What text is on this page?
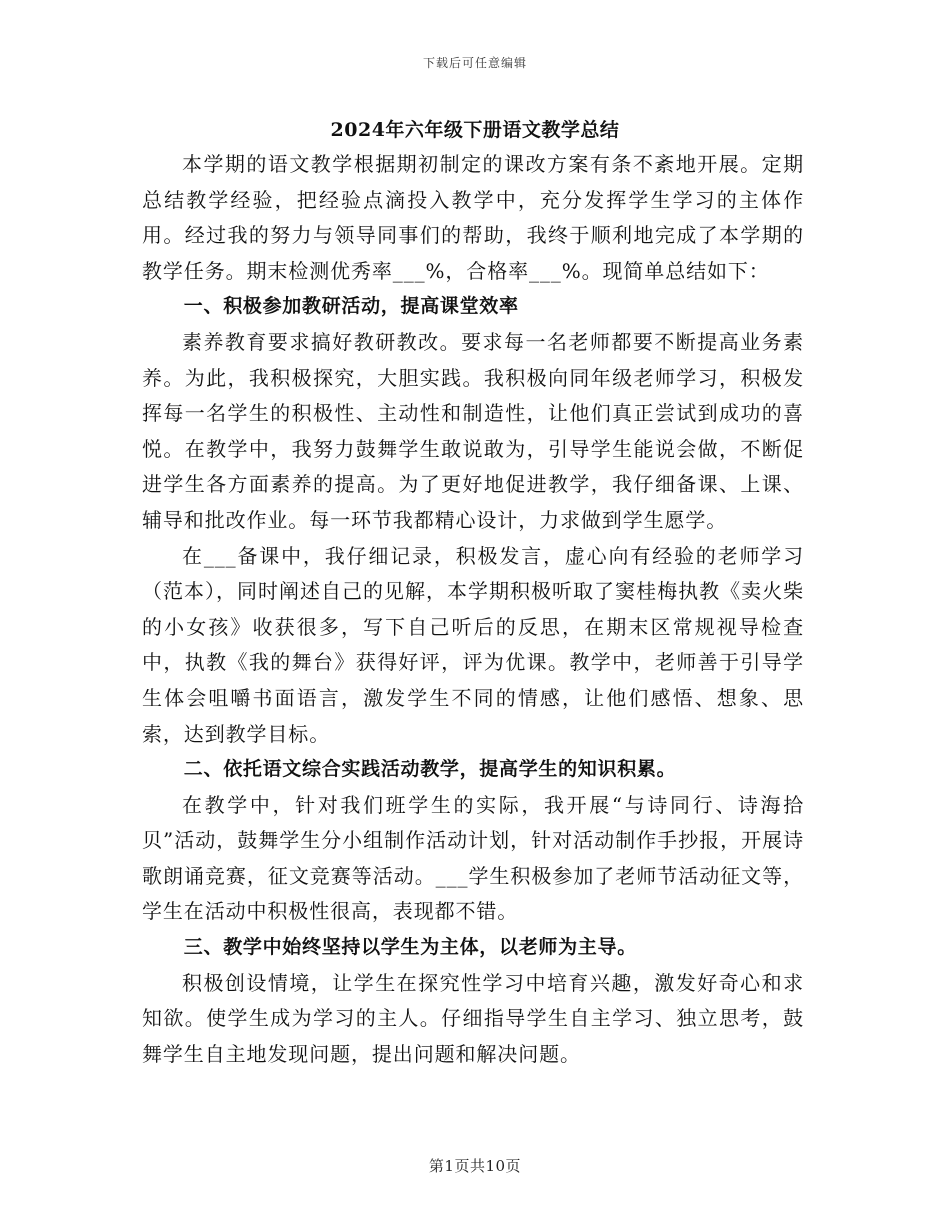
下载后可任意编辑
2024年六年级下册语文教学总结

本学期的语文教学根据期初制定的课改方案有条不紊地开展。定期总结教学经验，把经验点滴投入教学中，充分发挥学生学习的主体作用。经过我的努力与领导同事们的帮助，我终于顺利地完成了本学期的教学任务。期末检测优秀率___%，合格率___%。现简单总结如下：

一、积极参加教研活动，提高课堂效率

素养教育要求搞好教研教改。要求每一名老师都要不断提高业务素养。为此，我积极探究，大胆实践。我积极向同年级老师学习，积极发挥每一名学生的积极性、主动性和制造性，让他们真正尝试到成功的喜悦。在教学中，我努力鼓舞学生敢说敢为，引导学生能说会做，不断促进学生各方面素养的提高。为了更好地促进教学，我仔细备课、上课、辅导和批改作业。每一环节我都精心设计，力求做到学生愿学。

在___备课中，我仔细记录，积极发言，虚心向有经验的老师学习（范本），同时阐述自己的见解，本学期积极听取了窦桂梅执教《卖火柴的小女孩》收获很多，写下自己听后的反思，在期末区常规视导检查中，执教《我的舞台》获得好评，评为优课。教学中，老师善于引导学生体会咀嚼书面语言，激发学生不同的情感，让他们感悟、想象、思索，达到教学目标。

二、依托语文综合实践活动教学，提高学生的知识积累。

在教学中，针对我们班学生的实际，我开展“与诗同行、诗海拾贝”活动，鼓舞学生分小组制作活动计划，针对活动制作手抄报，开展诗歌朗诵竞赛，征文竞赛等活动。___学生积极参加了老师节活动征文等，学生在活动中积极性很高，表现都不错。

三、教学中始终坚持以学生为主体，以老师为主导。

积极创设情境，让学生在探究性学习中培育兴趣，激发好奇心和求知欲。使学生成为学习的主人。仔细指导学生自主学习、独立思考，鼓舞学生自主地发现问题，提出问题和解决问题。

第1页共10页
